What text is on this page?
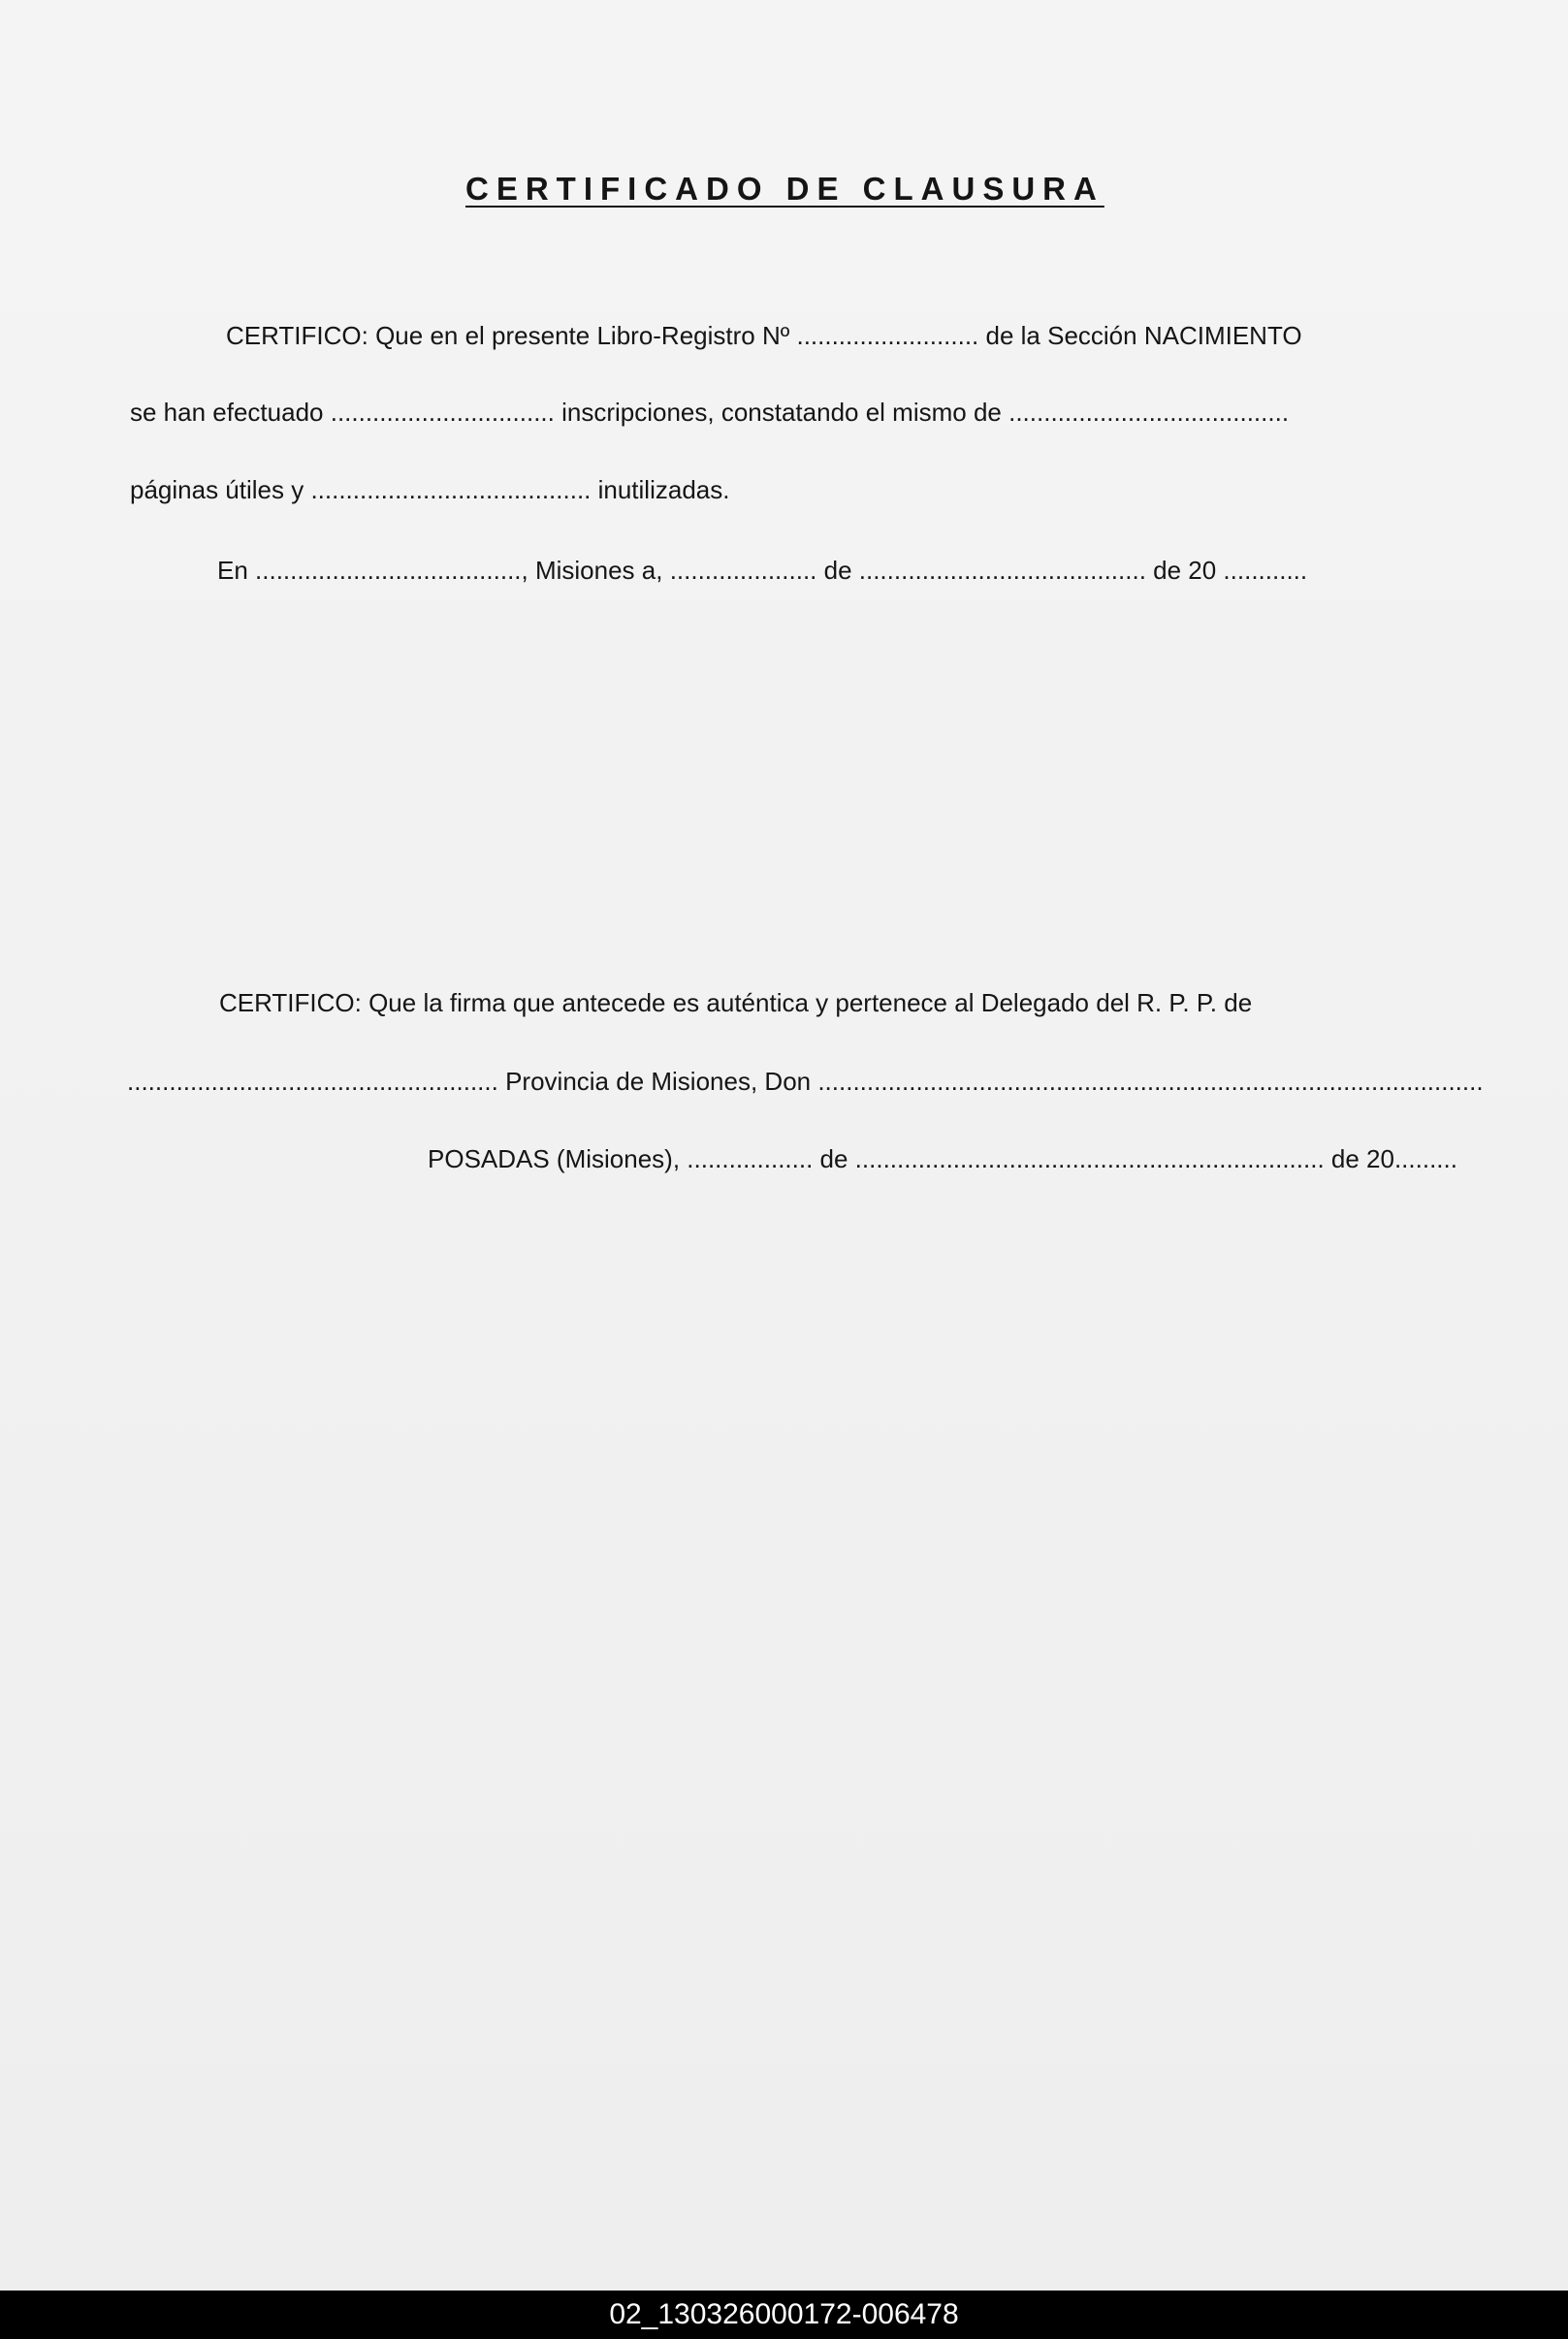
CERTIFICADO DE CLAUSURA
CERTIFICO: Que en el presente Libro-Registro Nº .......................... de la Sección NACIMIENTO
se han efectuado ................................ inscripciones, constatando el mismo de ........................................
páginas útiles y ........................................ inutilizadas.
En ......................................, Misiones a, ..................... de ......................................... de 20 ............
CERTIFICO: Que la firma que antecede es auténtica y pertenece al Delegado del R. P. P. de
..................................................... Provincia de Misiones, Don ...............................................................................................
POSADAS (Misiones), .................. de ................................................................... de 20.........
02_130326000172-006478
